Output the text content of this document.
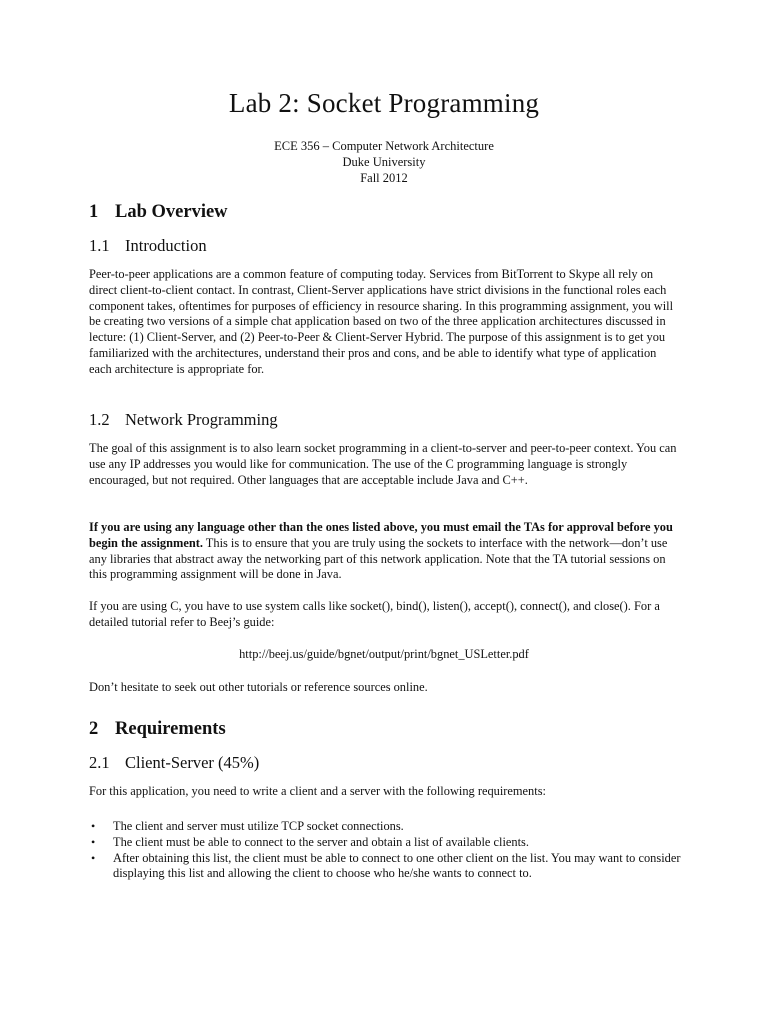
Lab 2: Socket Programming
ECE 356 – Computer Network Architecture
Duke University
Fall 2012
1 Lab Overview
1.1 Introduction

Peer-to-peer applications are a common feature of computing today. Services from BitTorrent to Skype all rely on direct client-to-client contact. In contrast, Client-Server applications have strict divisions in the functional roles each component takes, oftentimes for purposes of efficiency in resource sharing. In this programming assignment, you will be creating two versions of a simple chat application based on two of the three application architectures discussed in lecture: (1) Client-Server, and (2) Peer-to-Peer & Client-Server Hybrid. The purpose of this assignment is to get you familiarized with the architectures, understand their pros and cons, and be able to identify what type of application each architecture is appropriate for.

1.2 Network Programming

The goal of this assignment is to also learn socket programming in a client-to-server and peer-to-peer context. You can use any IP addresses you would like for communication. The use of the C programming language is strongly encouraged, but not required. Other languages that are acceptable include Java and C++.

If you are using any language other than the ones listed above, you must email the TAs for approval before you begin the assignment. This is to ensure that you are truly using the sockets to interface with the network—don’t use any libraries that abstract away the networking part of this network application. Note that the TA tutorial sessions on this programming assignment will be done in Java.

If you are using C, you have to use system calls like socket(), bind(), listen(), accept(), connect(), and close(). For a detailed tutorial refer to Beej’s guide:

http://beej.us/guide/bgnet/output/print/bgnet_USLetter.pdf

Don’t hesitate to seek out other tutorials or reference sources online.

2 Requirements
2.1 Client-Server (45%)

For this application, you need to write a client and a server with the following requirements:

• The client and server must utilize TCP socket connections.
• The client must be able to connect to the server and obtain a list of available clients.
• After obtaining this list, the client must be able to connect to one other client on the list. You may want to consider displaying this list and allowing the client to choose who he/she wants to connect to.
